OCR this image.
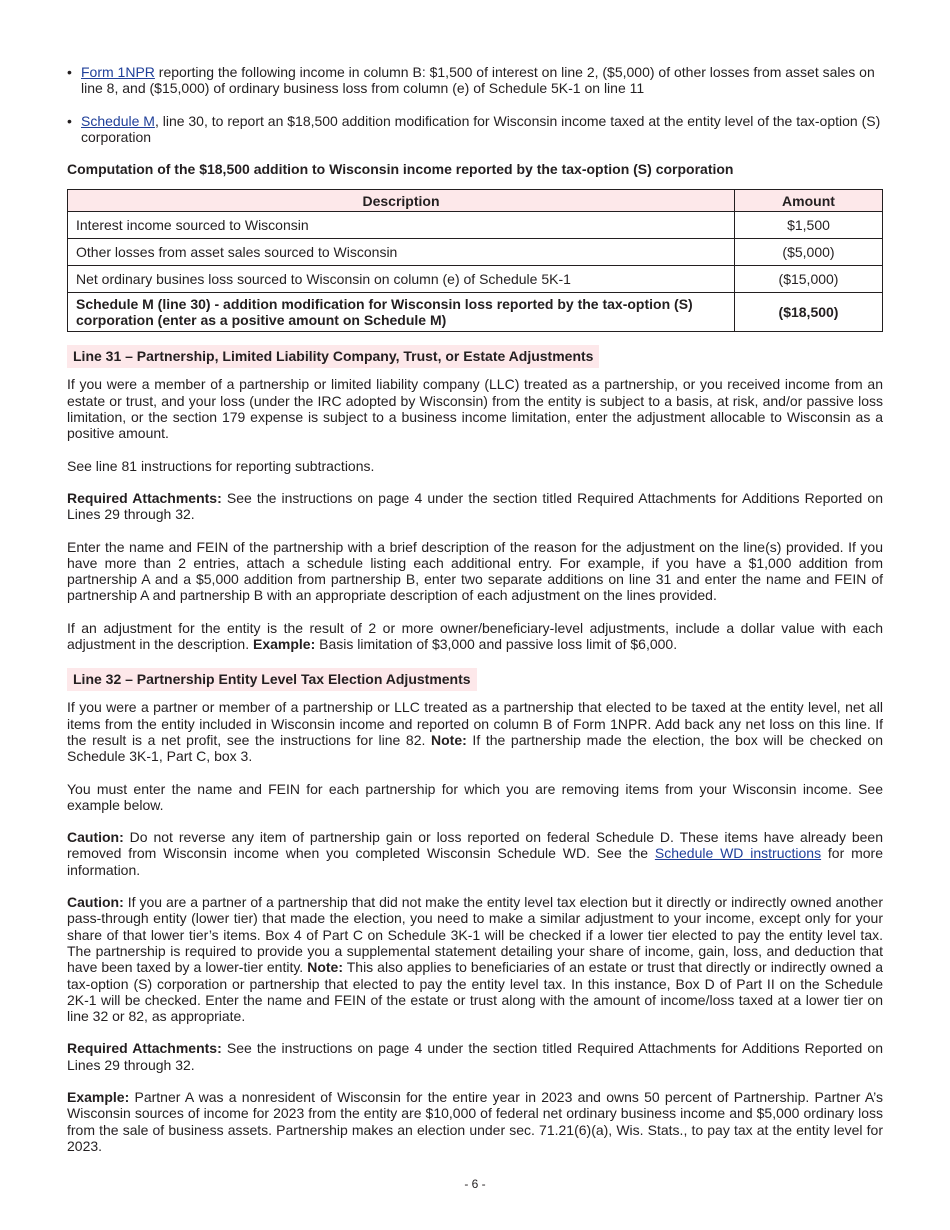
• Form 1NPR reporting the following income in column B: $1,500 of interest on line 2, ($5,000) of other losses from asset sales on line 8, and ($15,000) of ordinary business loss from column (e) of Schedule 5K-1 on line 11
• Schedule M, line 30, to report an $18,500 addition modification for Wisconsin income taxed at the entity level of the tax-option (S) corporation
Computation of the $18,500 addition to Wisconsin income reported by the tax-option (S) corporation
Description	Amount
Interest income sourced to Wisconsin	$1,500
Other losses from asset sales sourced to Wisconsin	($5,000)
Net ordinary busines loss sourced to Wisconsin on column (e) of Schedule 5K-1	($15,000)
Schedule M (line 30) - addition modification for Wisconsin loss reported by the tax-option (S) corporation (enter as a positive amount on Schedule M)	($18,500)
Line 31 – Partnership, Limited Liability Company, Trust, or Estate Adjustments

If you were a member of a partnership or limited liability company (LLC) treated as a partnership, or you received income from an estate or trust, and your loss (under the IRC adopted by Wisconsin) from the entity is subject to a basis, at risk, and/or passive loss limitation, or the section 179 expense is subject to a business income limitation, enter the adjustment allocable to Wisconsin as a positive amount.

See line 81 instructions for reporting subtractions.

Required Attachments: See the instructions on page 4 under the section titled Required Attachments for Additions Reported on Lines 29 through 32.

Enter the name and FEIN of the partnership with a brief description of the reason for the adjustment on the line(s) provided. If you have more than 2 entries, attach a schedule listing each additional entry. For example, if you have a $1,000 addition from partnership A and a $5,000 addition from partnership B, enter two separate additions on line 31 and enter the name and FEIN of partnership A and partnership B with an appropriate description of each adjustment on the lines provided.

If an adjustment for the entity is the result of 2 or more owner/beneficiary-level adjustments, include a dollar value with each adjustment in the description. Example: Basis limitation of $3,000 and passive loss limit of $6,000.

Line 32 – Partnership Entity Level Tax Election Adjustments

If you were a partner or member of a partnership or LLC treated as a partnership that elected to be taxed at the entity level, net all items from the entity included in Wisconsin income and reported on column B of Form 1NPR. Add back any net loss on this line. If the result is a net profit, see the instructions for line 82. Note: If the partnership made the election, the box will be checked on Schedule 3K-1, Part C, box 3.

You must enter the name and FEIN for each partnership for which you are removing items from your Wisconsin income. See example below.

Caution: Do not reverse any item of partnership gain or loss reported on federal Schedule D. These items have already been removed from Wisconsin income when you completed Wisconsin Schedule WD. See the Schedule WD instructions for more information.

Caution: If you are a partner of a partnership that did not make the entity level tax election but it directly or indirectly owned another pass-through entity (lower tier) that made the election, you need to make a similar adjustment to your income, except only for your share of that lower tier’s items. Box 4 of Part C on Schedule 3K-1 will be checked if a lower tier elected to pay the entity level tax. The partnership is required to provide you a supplemental statement detailing your share of income, gain, loss, and deduction that have been taxed by a lower-tier entity. Note: This also applies to beneficiaries of an estate or trust that directly or indirectly owned a tax-option (S) corporation or partnership that elected to pay the entity level tax. In this instance, Box D of Part II on the Schedule 2K-1 will be checked. Enter the name and FEIN of the estate or trust along with the amount of income/loss taxed at a lower tier on line 32 or 82, as appropriate.

Required Attachments: See the instructions on page 4 under the section titled Required Attachments for Additions Reported on Lines 29 through 32.

Example: Partner A was a nonresident of Wisconsin for the entire year in 2023 and owns 50 percent of Partnership. Partner A’s Wisconsin sources of income for 2023 from the entity are $10,000 of federal net ordinary business income and $5,000 ordinary loss from the sale of business assets. Partnership makes an election under sec. 71.21(6)(a), Wis. Stats., to pay tax at the entity level for 2023.

- 6 -
